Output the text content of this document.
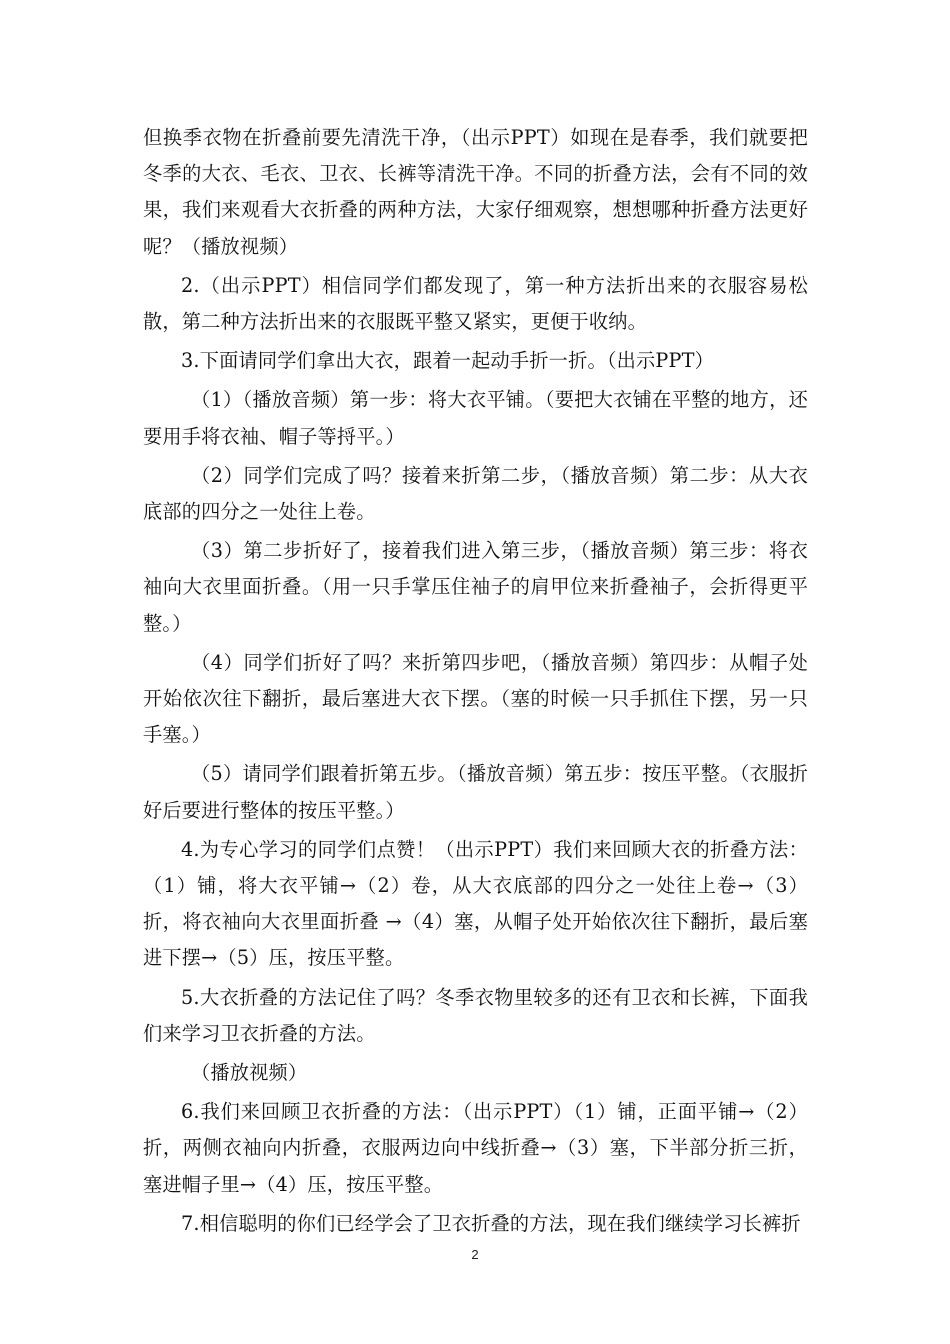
但换季衣物在折叠前要先清洗干净，（出示PPT）如现在是春季，我们就要把冬季的大衣、毛衣、卫衣、长裤等清洗干净。不同的折叠方法，会有不同的效果，我们来观看大衣折叠的两种方法，大家仔细观察，想想哪种折叠方法更好呢？（播放视频）

2.（出示PPT）相信同学们都发现了，第一种方法折出来的衣服容易松散，第二种方法折出来的衣服既平整又紧实，更便于收纳。

3.下面请同学们拿出大衣，跟着一起动手折一折。（出示PPT）

（1）（播放音频）第一步：将大衣平铺。（要把大衣铺在平整的地方，还要用手将衣袖、帽子等捋平。）

（2）同学们完成了吗？接着来折第二步，（播放音频）第二步：从大衣底部的四分之一处往上卷。

（3）第二步折好了，接着我们进入第三步，（播放音频）第三步：将衣袖向大衣里面折叠。（用一只手掌压住袖子的肩甲位来折叠袖子，会折得更平整。）

（4）同学们折好了吗？来折第四步吧，（播放音频）第四步：从帽子处开始依次往下翻折，最后塞进大衣下摆。（塞的时候一只手抓住下摆，另一只手塞。）

（5）请同学们跟着折第五步。（播放音频）第五步：按压平整。（衣服折好后要进行整体的按压平整。）

4.为专心学习的同学们点赞！（出示PPT）我们来回顾大衣的折叠方法：（1）铺，将大衣平铺→（2）卷，从大衣底部的四分之一处往上卷→（3）折，将衣袖向大衣里面折叠 →（4）塞，从帽子处开始依次往下翻折，最后塞进下摆→（5）压，按压平整。

5.大衣折叠的方法记住了吗？冬季衣物里较多的还有卫衣和长裤，下面我们来学习卫衣折叠的方法。

（播放视频）

6.我们来回顾卫衣折叠的方法：（出示PPT）（1）铺，正面平铺→（2）折，两侧衣袖向内折叠，衣服两边向中线折叠→（3）塞，下半部分折三折，塞进帽子里→（4）压，按压平整。

7.相信聪明的你们已经学会了卫衣折叠的方法，现在我们继续学习长裤折

2
